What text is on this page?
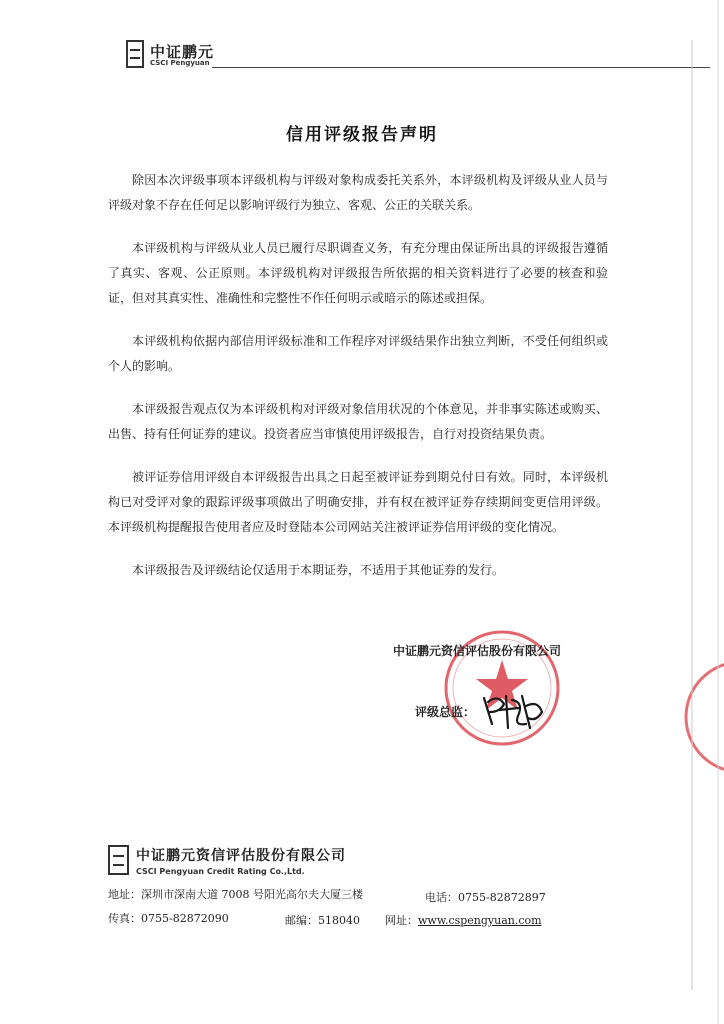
中证鹏元
CSCI Pengyuan
信用评级报告声明

除因本次评级事项本评级机构与评级对象构成委托关系外，本评级机构及评级从业人员与评级对象不存在任何足以影响评级行为独立、客观、公正的关联关系。

本评级机构与评级从业人员已履行尽职调查义务，有充分理由保证所出具的评级报告遵循了真实、客观、公正原则。本评级机构对评级报告所依据的相关资料进行了必要的核查和验证，但对其真实性、准确性和完整性不作任何明示或暗示的陈述或担保。

本评级机构依据内部信用评级标准和工作程序对评级结果作出独立判断，不受任何组织或个人的影响。

本评级报告观点仅为本评级机构对评级对象信用状况的个体意见，并非事实陈述或购买、出售、持有任何证券的建议。投资者应当审慎使用评级报告，自行对投资结果负责。

被评证券信用评级自本评级报告出具之日起至被评证券到期兑付日有效。同时，本评级机构已对受评对象的跟踪评级事项做出了明确安排，并有权在被评证券存续期间变更信用评级。本评级机构提醒报告使用者应及时登陆本公司网站关注被评证券信用评级的变化情况。

本评级报告及评级结论仅适用于本期证券，不适用于其他证券的发行。

中证鹏元资信评估股份有限公司
评级总监：
中证鹏元资信评估股份有限公司
CSCI Pengyuan Credit Rating Co.,Ltd.
地址：深圳市深南大道 7008 号阳光高尔夫大厦三楼	电话：0755-82872897
传真：0755-82872090	邮编：518040 网址：www.cspengyuan.com
